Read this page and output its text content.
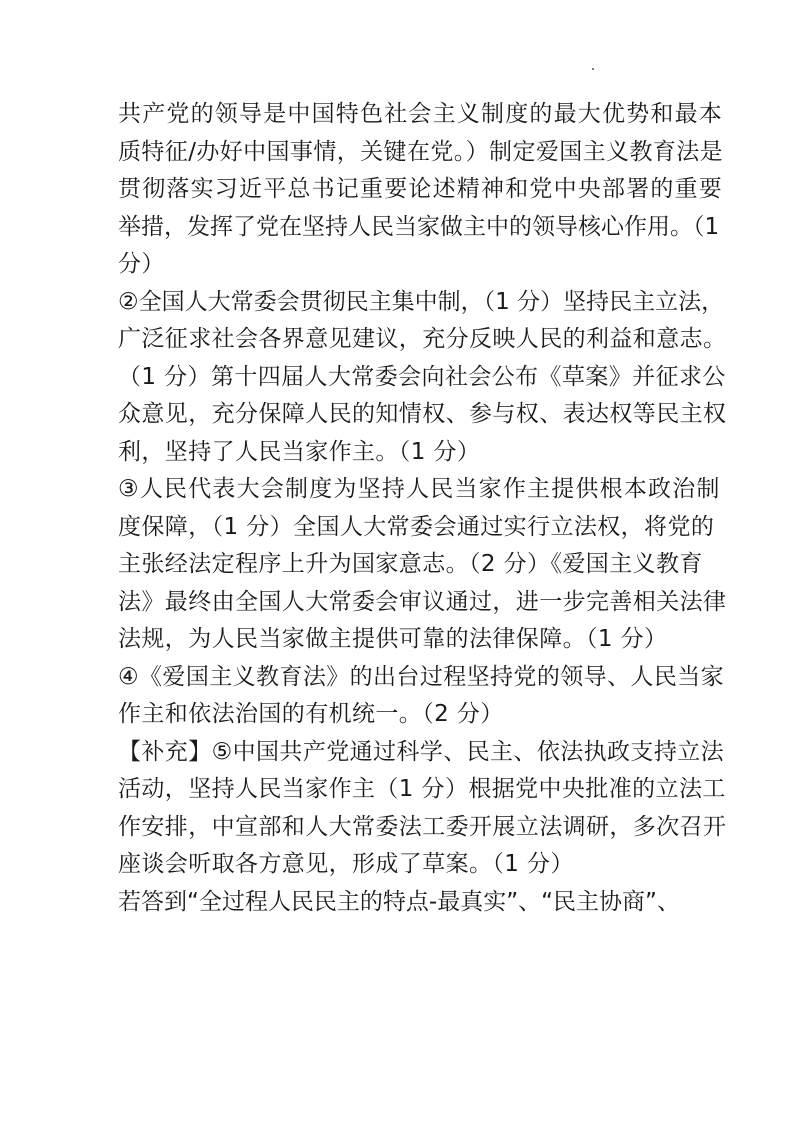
共产党的领导是中国特色社会主义制度的最大优势和最本

质特征/办好中国事情，关键在党。）制定爱国主义教育法是

贯彻落实习近平总书记重要论述精神和党中央部署的重要

举措，发挥了党在坚持人民当家做主中的领导核心作用。（1

分）

②全国人大常委会贯彻民主集中制，（1 分）坚持民主立法，

广泛征求社会各界意见建议，充分反映人民的利益和意志。

（1 分）第十四届人大常委会向社会公布《草案》并征求公

众意见，充分保障人民的知情权、参与权、表达权等民主权

利，坚持了人民当家作主。（1 分）

③人民代表大会制度为坚持人民当家作主提供根本政治制

度保障，（1 分）全国人大常委会通过实行立法权，将党的

主张经法定程序上升为国家意志。（2 分）《爱国主义教育

法》最终由全国人大常委会审议通过，进一步完善相关法律

法规，为人民当家做主提供可靠的法律保障。（1 分）

④《爱国主义教育法》的出台过程坚持党的领导、人民当家

作主和依法治国的有机统一。（2 分）

【补充】⑤中国共产党通过科学、民主、依法执政支持立法

活动，坚持人民当家作主（1 分）根据党中央批准的立法工

作安排，中宣部和人大常委法工委开展立法调研，多次召开

座谈会听取各方意见，形成了草案。（1 分）

若答到“全过程人民民主的特点-最真实”、“民主协商”、
